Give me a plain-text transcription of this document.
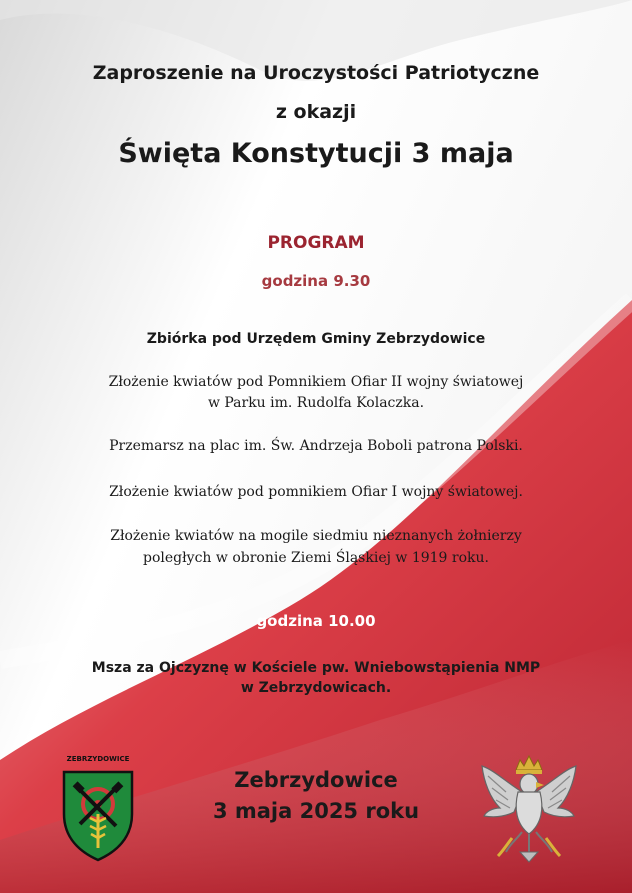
Zaproszenie na Uroczystości Patriotyczne
z okazji
Święta Konstytucji 3 maja
PROGRAM
godzina 9.30
Zbiórka pod Urzędem Gminy Zebrzydowice
Złożenie kwiatów pod Pomnikiem Ofiar II wojny światowej
w Parku im. Rudolfa Kolaczka.
Przemarsz na plac im. Św. Andrzeja Boboli patrona Polski.
Złożenie kwiatów pod pomnikiem Ofiar I wojny światowej.
Złożenie kwiatów na mogile siedmiu nieznanych żołnierzy
poległych w obronie Ziemi Śląskiej w 1919 roku.
godzina 10.00
Msza za Ojczyznę w Kościele pw. Wniebowstąpienia NMP
w Zebrzydowicach.
Zebrzydowice
3 maja 2025 roku
ZEBRZYDOWICE
